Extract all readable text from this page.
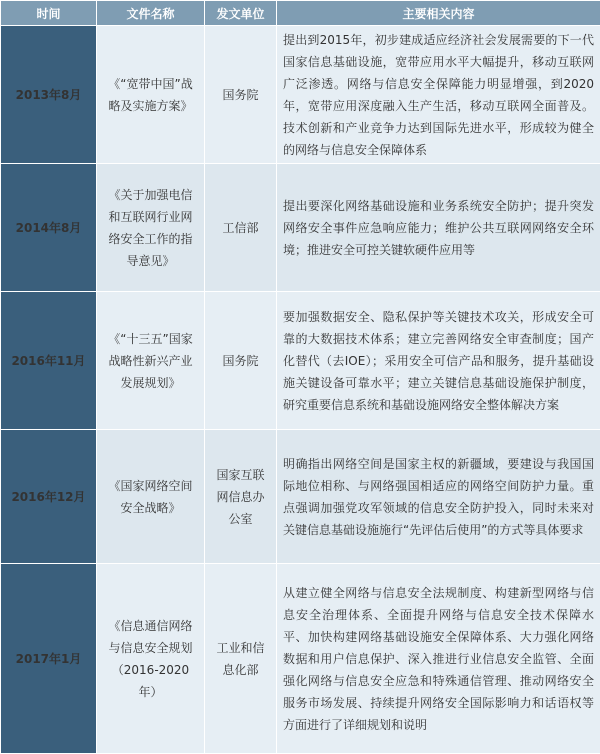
时间	文件名称	发文单位	主要相关内容
2013年8月	《“宽带中国”战略及实施方案》	国务院	提出到2015年，初步建成适应经济社会发展需要的下一代国家信息基础设施，宽带应用水平大幅提升，移动互联网广泛渗透。网络与信息安全保障能力明显增强，到2020年，宽带应用深度融入生产生活，移动互联网全面普及。技术创新和产业竞争力达到国际先进水平，形成较为健全的网络与信息安全保障体系
2014年8月	《关于加强电信和互联网行业网络安全工作的指导意见》	工信部	提出要深化网络基础设施和业务系统安全防护；提升突发网络安全事件应急响应能力；维护公共互联网网络安全环境；推进安全可控关键软硬件应用等
2016年11月	《“十三五”国家战略性新兴产业发展规划》	国务院	要加强数据安全、隐私保护等关键技术攻关，形成安全可靠的大数据技术体系；建立完善网络安全审查制度；国产化替代（去IOE）；采用安全可信产品和服务，提升基础设施关键设备可靠水平；建立关键信息基础设施保护制度，研究重要信息系统和基础设施网络安全整体解决方案
2016年12月	《国家网络空间安全战略》	国家互联网信息办公室	明确指出网络空间是国家主权的新疆域，要建设与我国国际地位相称、与网络强国相适应的网络空间防护力量。重点强调加强党攻军领域的信息安全防护投入，同时未来对关键信息基础设施施行“先评估后使用”的方式等具体要求
2017年1月	《信息通信网络与信息安全规划（2016-2020年）	工业和信息化部	从建立健全网络与信息安全法规制度、构建新型网络与信息安全治理体系、全面提升网络与信息安全技术保障水平、加快构建网络基础设施安全保障体系、大力强化网络数据和用户信息保护、深入推进行业信息安全监管、全面强化网络与信息安全应急和特殊通信管理、推动网络安全服务市场发展、持续提升网络安全国际影响力和话语权等方面进行了详细规划和说明
